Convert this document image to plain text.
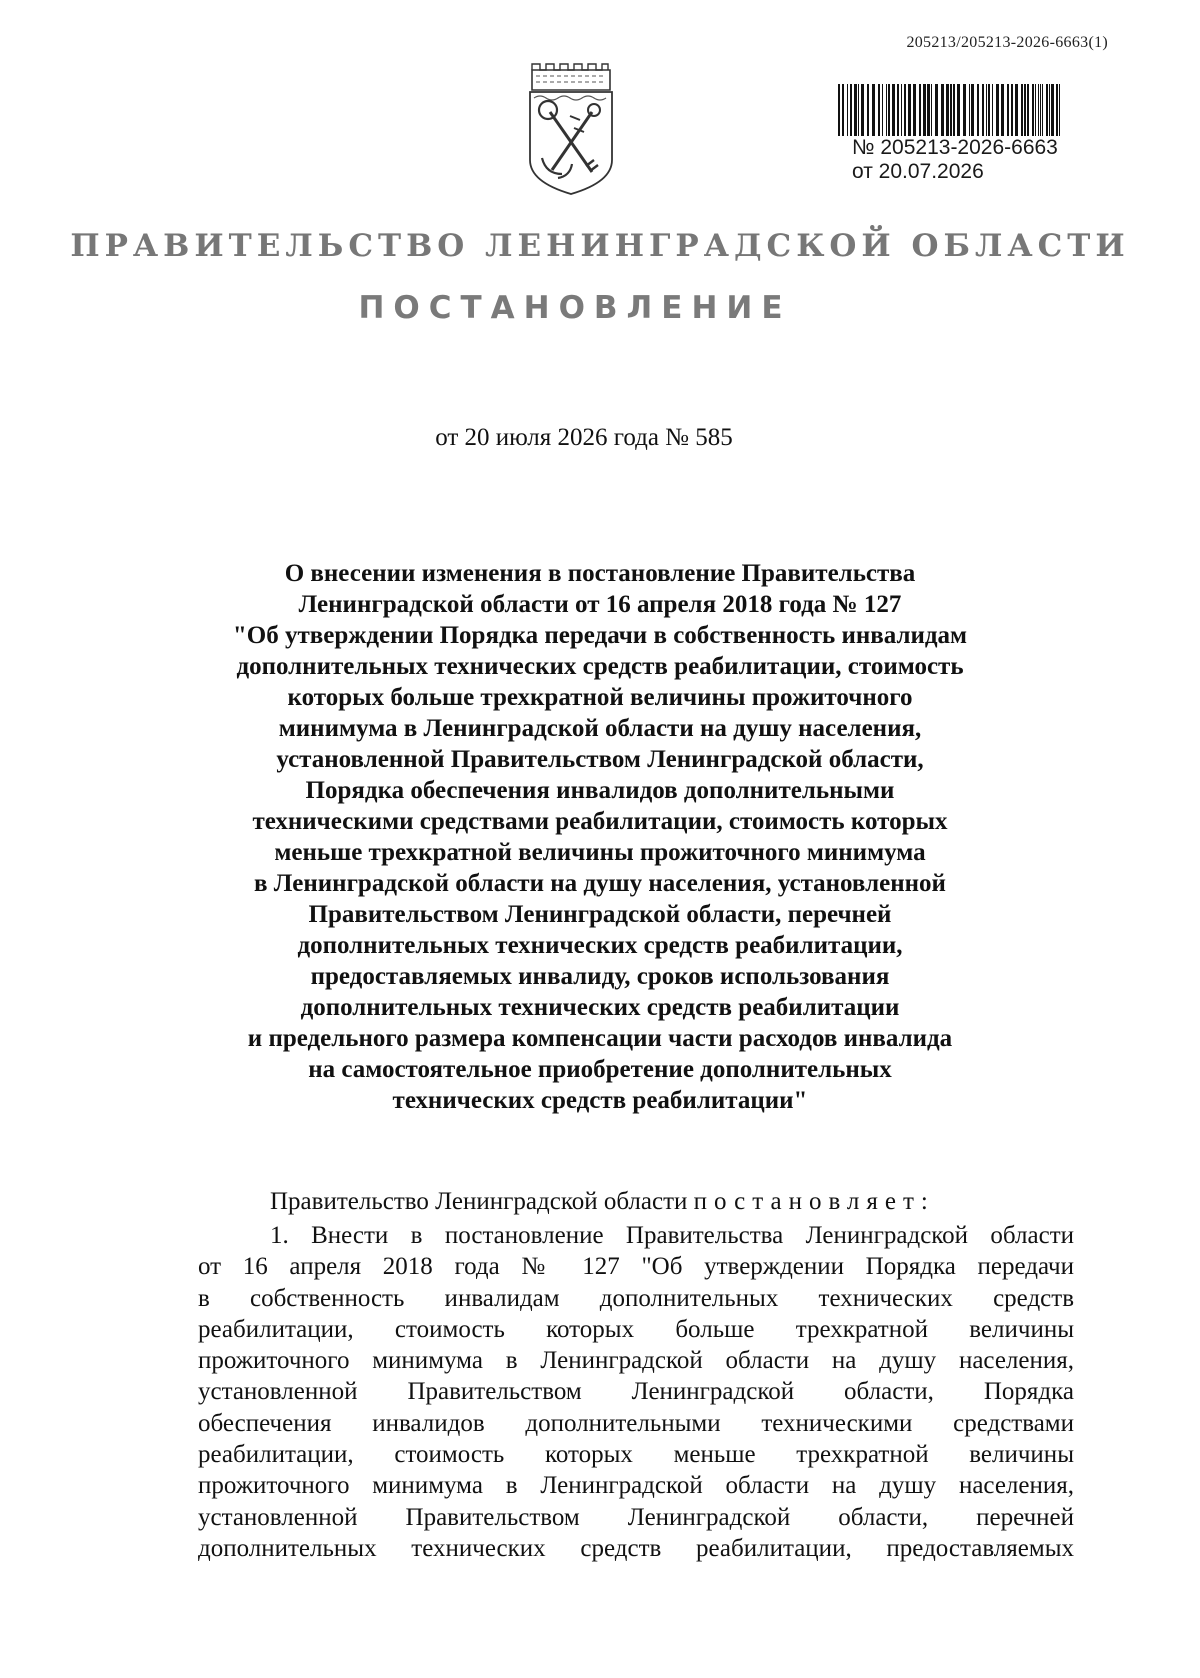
205213/205213-2026-6663(1)
№ 205213-2026-6663
от 20.07.2026
ПРАВИТЕЛЬСТВО ЛЕНИНГРАДСКОЙ ОБЛАСТИ
ПОСТАНОВЛЕНИЕ
от 20 июля 2026 года № 585
О внесении изменения в постановление Правительства
Ленинградской области от 16 апреля 2018 года № 127
"Об утверждении Порядка передачи в собственность инвалидам
дополнительных технических средств реабилитации, стоимость
которых больше трехкратной величины прожиточного
минимума в Ленинградской области на душу населения,
установленной Правительством Ленинградской области,
Порядка обеспечения инвалидов дополнительными
техническими средствами реабилитации, стоимость которых
меньше трехкратной величины прожиточного минимума
в Ленинградской области на душу населения, установленной
Правительством Ленинградской области, перечней
дополнительных технических средств реабилитации,
предоставляемых инвалиду, сроков использования
дополнительных технических средств реабилитации
и предельного размера компенсации части расходов инвалида
на самостоятельное приобретение дополнительных
технических средств реабилитации"
Правительство Ленинградской области постановляет:
1. Внести в постановление Правительства Ленинградской области
от 16 апреля 2018 года № 127 "Об утверждении Порядка передачи
в собственность инвалидам дополнительных технических средств
реабилитации, стоимость которых больше трехкратной величины
прожиточного минимума в Ленинградской области на душу населения,
установленной Правительством Ленинградской области, Порядка
обеспечения инвалидов дополнительными техническими средствами
реабилитации, стоимость которых меньше трехкратной величины
прожиточного минимума в Ленинградской области на душу населения,
установленной Правительством Ленинградской области, перечней
дополнительных технических средств реабилитации, предоставляемых
